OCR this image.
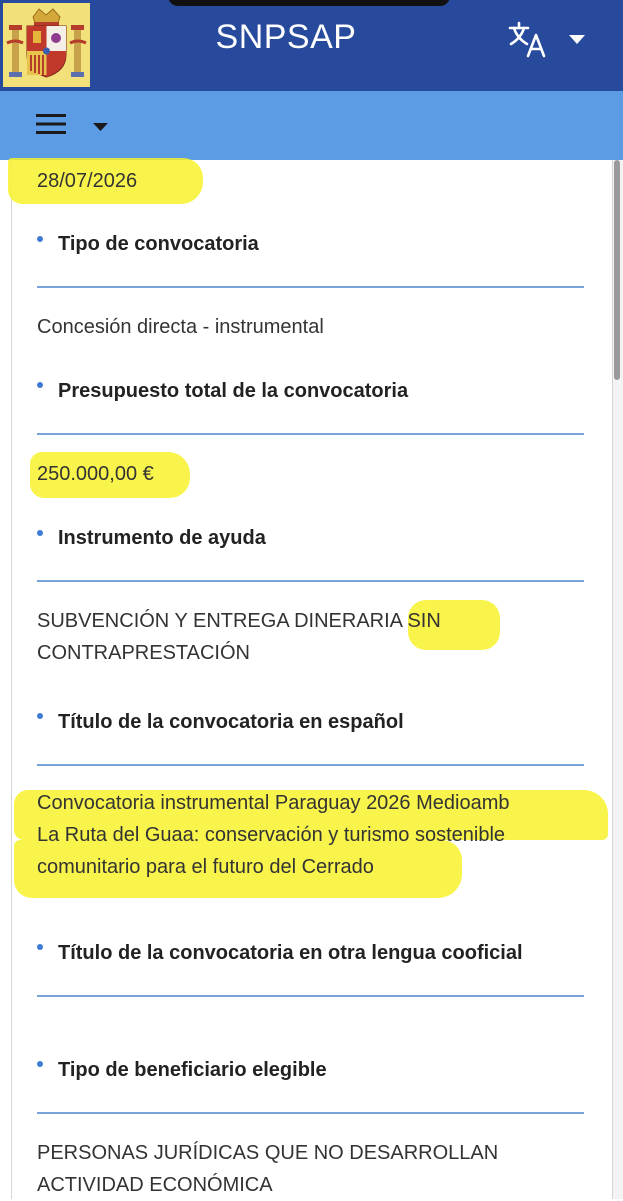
SNPSAP

28/07/2026

Tipo de convocatoria

Concesión directa - instrumental

Presupuesto total de la convocatoria

250.000,00 €

Instrumento de ayuda

SUBVENCIÓN Y ENTREGA DINERARIA SIN

CONTRAPRESTACIÓN

Título de la convocatoria en español

Convocatoria instrumental Paraguay 2026 Medioamb

La Ruta del Guaa: conservación y turismo sostenible

comunitario para el futuro del Cerrado

Título de la convocatoria en otra lengua cooficial
Tipo de beneficiario elegible

PERSONAS JURÍDICAS QUE NO DESARROLLAN

ACTIVIDAD ECONÓMICA
